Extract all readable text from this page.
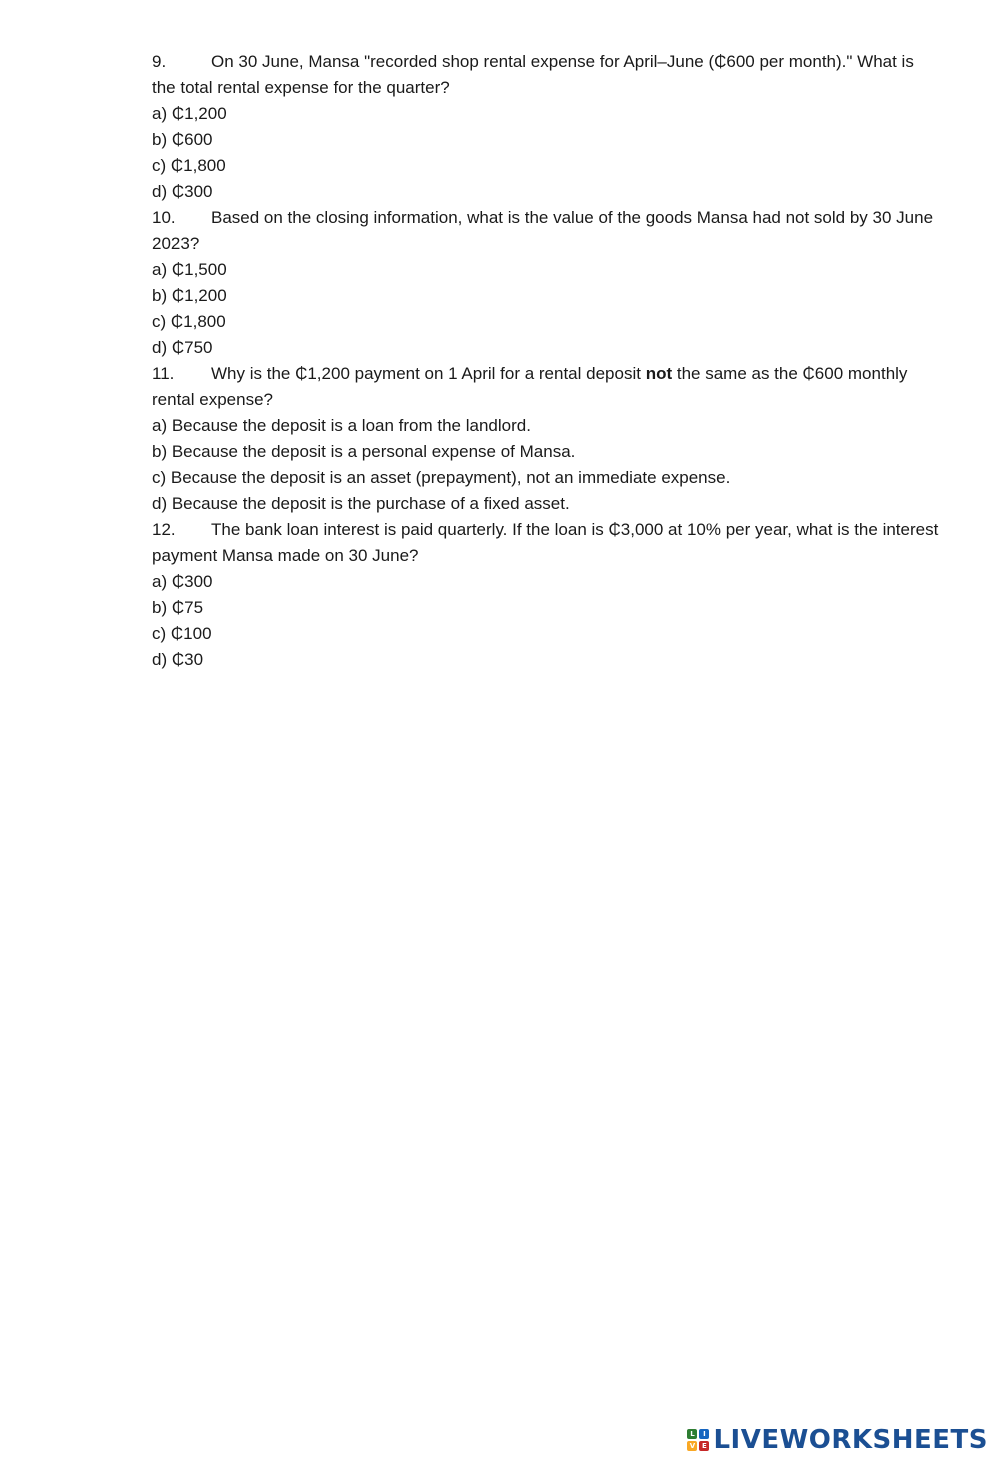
9.	On 30 June, Mansa "recorded shop rental expense for April–June (₵600 per month)." What is the total rental expense for the quarter?
a) ₵1,200
b) ₵600
c) ₵1,800
d) ₵300
10. Based on the closing information, what is the value of the goods Mansa had not sold by 30 June 2023?
a) ₵1,500
b) ₵1,200
c) ₵1,800
d) ₵750
11. Why is the ₵1,200 payment on 1 April for a rental deposit not the same as the ₵600 monthly rental expense?
a) Because the deposit is a loan from the landlord.
b) Because the deposit is a personal expense of Mansa.
c) Because the deposit is an asset (prepayment), not an immediate expense.
d) Because the deposit is the purchase of a fixed asset.
12. The bank loan interest is paid quarterly. If the loan is ₵3,000 at 10% per year, what is the interest payment Mansa made on 30 June?
a) ₵300
b) ₵75
c) ₵100
d) ₵30
L	I
V E LIVEWORKSHEETS
